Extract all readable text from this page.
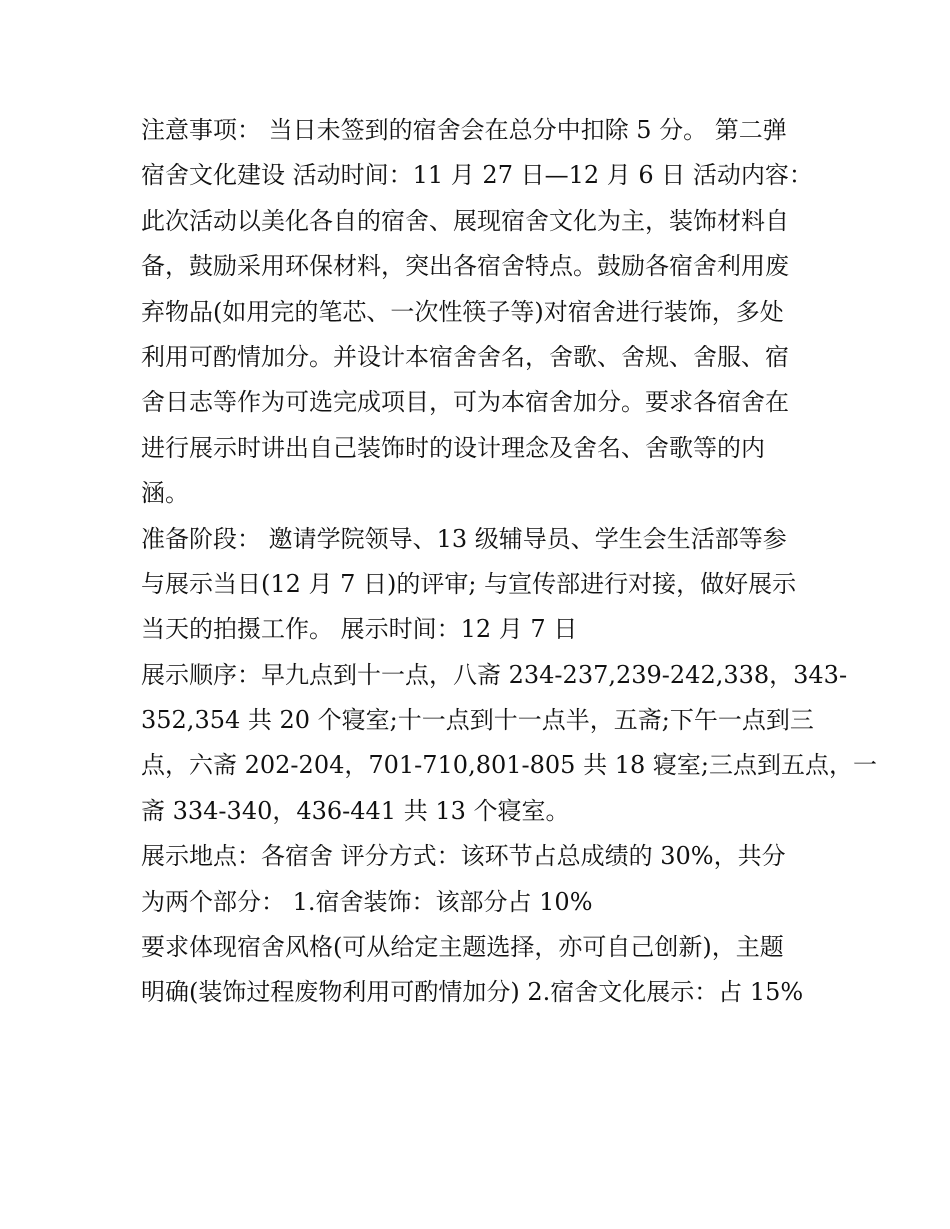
注意事项： 当日未签到的宿舍会在总分中扣除 5 分。 第二弹
宿舍文化建设 活动时间：11 月 27 日—12 月 6 日 活动内容：
此次活动以美化各自的宿舍、展现宿舍文化为主，装饰材料自
备，鼓励采用环保材料，突出各宿舍特点。鼓励各宿舍利用废
弃物品(如用完的笔芯、一次性筷子等)对宿舍进行装饰，多处
利用可酌情加分。并设计本宿舍舍名，舍歌、舍规、舍服、宿
舍日志等作为可选完成项目，可为本宿舍加分。要求各宿舍在
进行展示时讲出自己装饰时的设计理念及舍名、舍歌等的内
涵。
准备阶段： 邀请学院领导、13 级辅导员、学生会生活部等参
与展示当日(12 月 7 日)的评审; 与宣传部进行对接，做好展示
当天的拍摄工作。 展示时间：12 月 7 日
展示顺序：早九点到十一点，八斋 234-237,239-242,338，343-
352,354 共 20 个寝室;十一点到十一点半，五斋;下午一点到三
点，六斋 202-204，701-710,801-805 共 18 寝室;三点到五点，一
斋 334-340，436-441 共 13 个寝室。
展示地点：各宿舍 评分方式：该环节占总成绩的 30%，共分
为两个部分： 1.宿舍装饰：该部分占 10%
要求体现宿舍风格(可从给定主题选择，亦可自己创新)，主题
明确(装饰过程废物利用可酌情加分) 2.宿舍文化展示：占 15%
